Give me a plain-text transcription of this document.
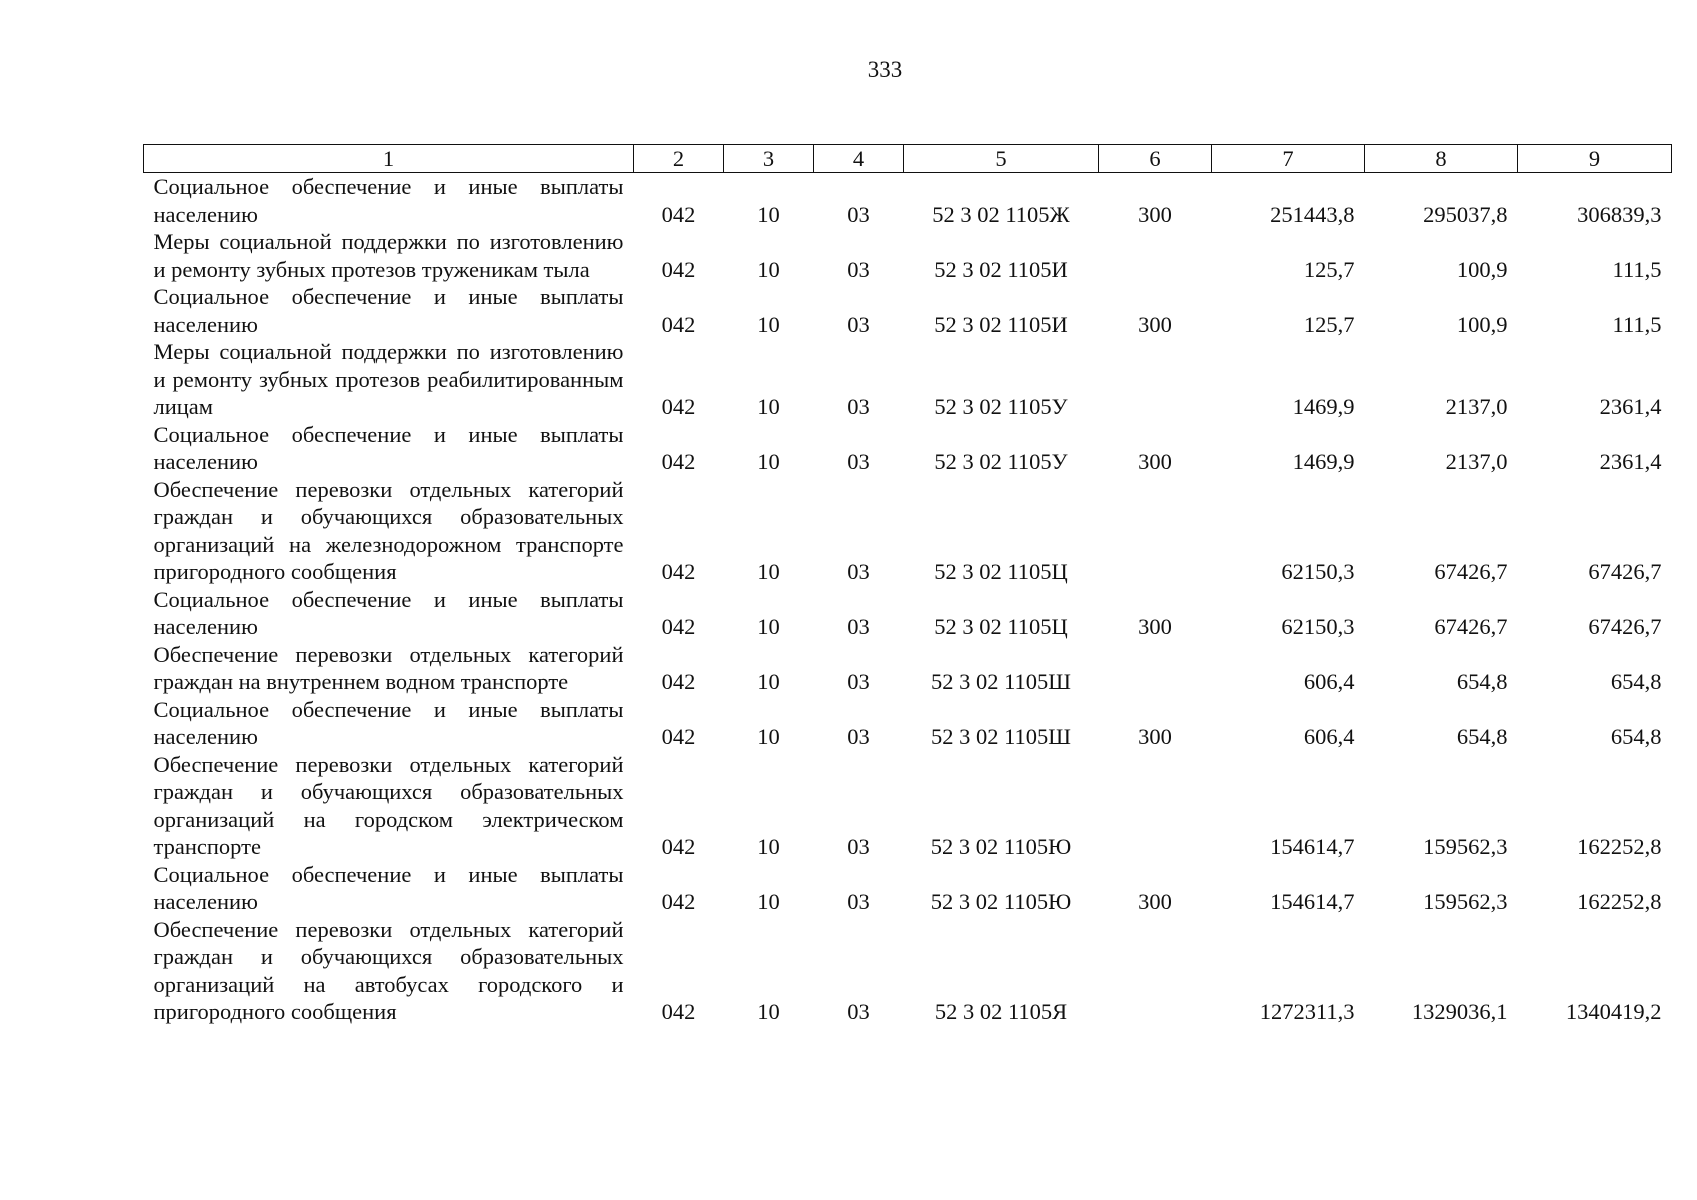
333
1	2	3	4	5	6	7	8	9
Социальное обеспечение и иные выплаты населению	042	10	03	52 3 02 1105Ж	300	251443,8	295037,8	306839,3
Меры социальной поддержки по изготовлению и ремонту зубных протезов труженикам тыла	042	10	03	52 3 02 1105И		125,7	100,9	111,5
Социальное обеспечение и иные выплаты населению	042	10	03	52 3 02 1105И	300	125,7	100,9	111,5
Меры социальной поддержки по изготовлению и ремонту зубных протезов реабилитированным лицам	042	10	03	52 3 02 1105У		1469,9	2137,0	2361,4
Социальное обеспечение и иные выплаты населению	042	10	03	52 3 02 1105У	300	1469,9	2137,0	2361,4
Обеспечение перевозки отдельных категорий граждан и обучающихся образовательных организаций на железнодорожном транспорте пригородного сообщения	042	10	03	52 3 02 1105Ц		62150,3	67426,7	67426,7
Социальное обеспечение и иные выплаты населению	042	10	03	52 3 02 1105Ц	300	62150,3	67426,7	67426,7
Обеспечение перевозки отдельных категорий граждан на внутреннем водном транспорте	042	10	03	52 3 02 1105Ш		606,4	654,8	654,8
Социальное обеспечение и иные выплаты населению	042	10	03	52 3 02 1105Ш	300	606,4	654,8	654,8
Обеспечение перевозки отдельных категорий граждан и обучающихся образовательных организаций на городском электрическом транспорте	042	10	03	52 3 02 1105Ю		154614,7	159562,3	162252,8
Социальное обеспечение и иные выплаты населению	042	10	03	52 3 02 1105Ю	300	154614,7	159562,3	162252,8
Обеспечение перевозки отдельных категорий граждан и обучающихся образовательных организаций на автобусах городского и пригородного сообщения	042	10	03	52 3 02 1105Я		1272311,3	1329036,1	1340419,2
